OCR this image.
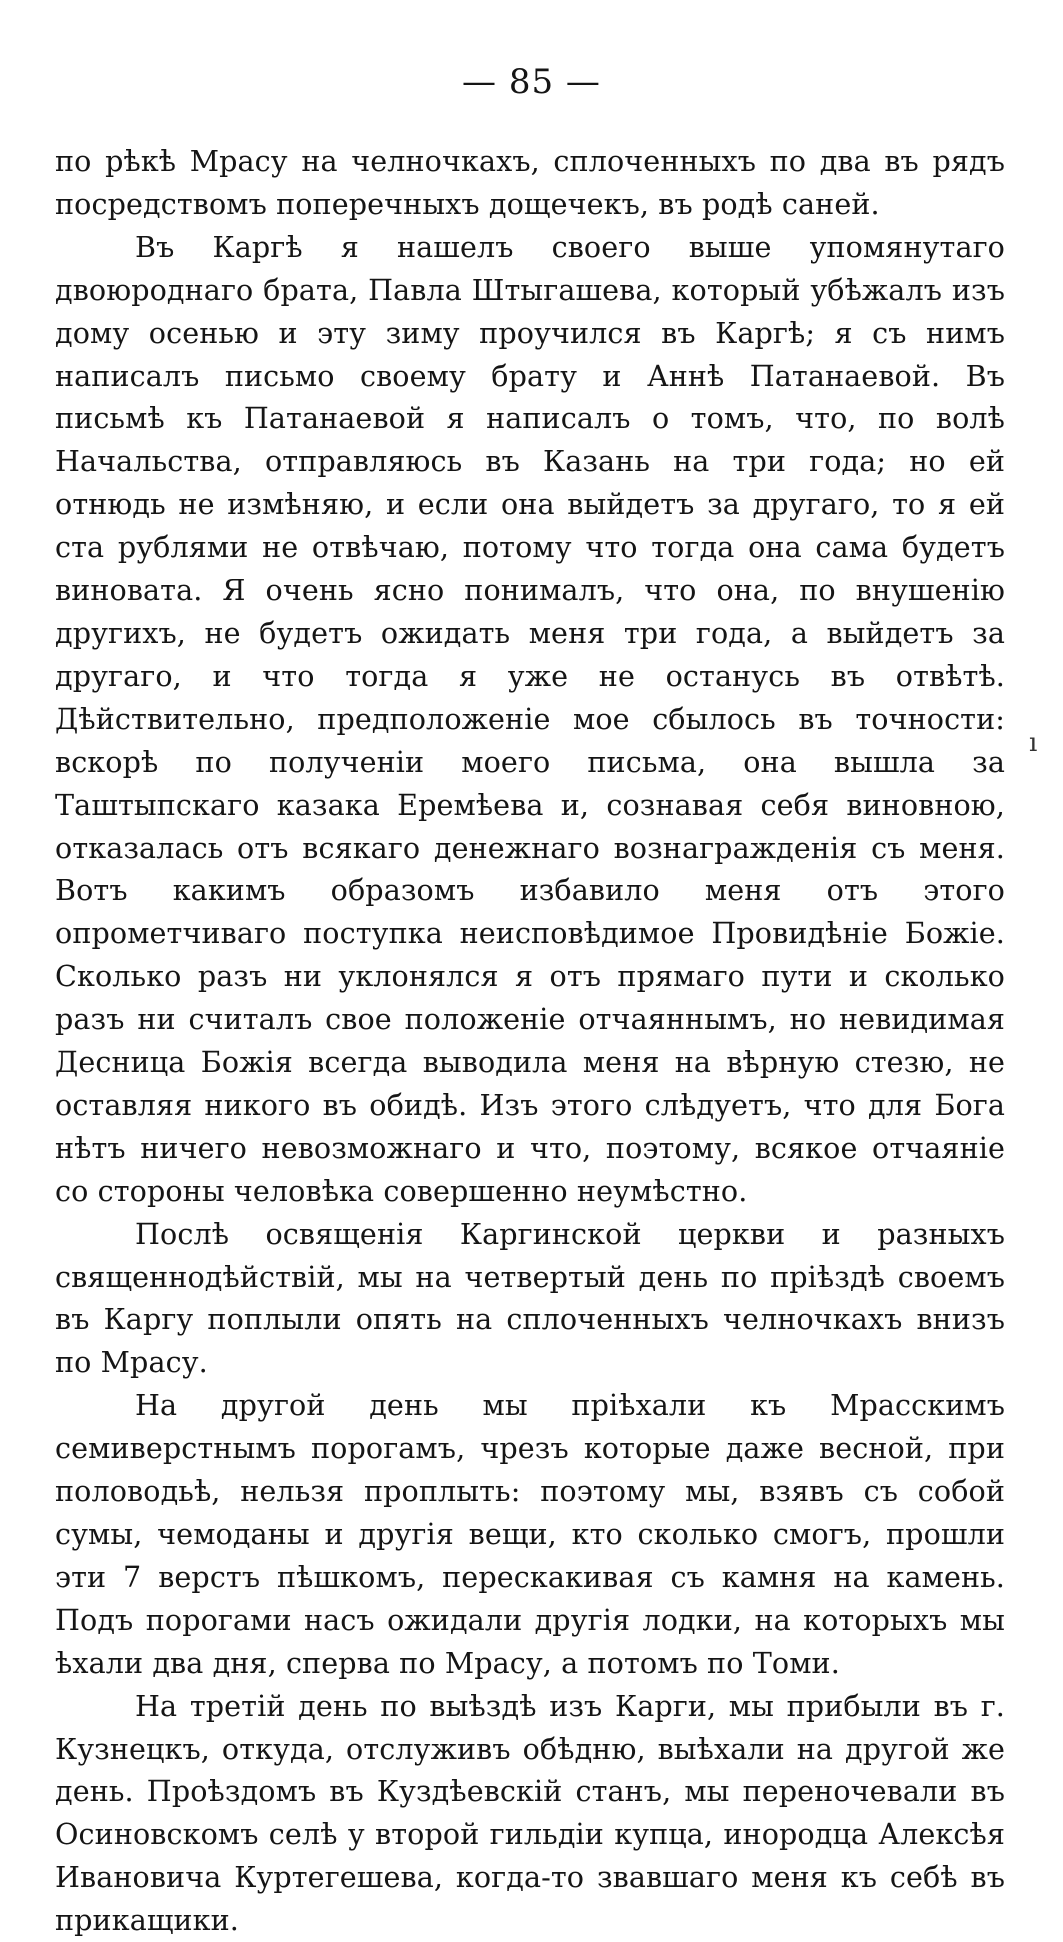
— 85 —

по рѣкѣ Мрасу на челночкахъ, сплоченныхъ по два въ рядъ посредствомъ поперечныхъ дощечекъ, въ родѣ саней.

Въ Каргѣ я нашелъ своего выше упомянутаго двоюроднаго брата, Павла Штыгашева, который убѣжалъ изъ дому осенью и эту зиму проучился въ Каргѣ; я съ нимъ написалъ письмо своему брату и Аннѣ Патанаевой. Въ письмѣ къ Патанаевой я написалъ о томъ, что, по волѣ Начальства, отправляюсь въ Казань на три года; но ей отнюдь не измѣняю, и если она выйдетъ за другаго, то я ей ста рублями не отвѣчаю, потому что тогда она сама будетъ виновата. Я очень ясно понималъ, что она, по внушенію другихъ, не будетъ ожидать меня три года, а выйдетъ за другаго, и что тогда я уже не останусь въ отвѣтѣ. Дѣйствительно, предположеніе мое сбылось въ точности: вскорѣ по полученіи моего письма, она вышла за Таштыпскаго казака Еремѣева и, сознавая себя виновною, отказалась отъ всякаго денежнаго вознагражденія съ меня. Вотъ какимъ образомъ избавило меня отъ этого опрометчиваго поступка неисповѣдимое Провидѣніе Божіе. Сколько разъ ни уклонялся я отъ прямаго пути и сколько разъ ни считалъ свое положеніе отчаяннымъ, но невидимая Десница Божія всегда выводила меня на вѣрную стезю, не оставляя никого въ обидѣ. Изъ этого слѣдуетъ, что для Бога нѣтъ ничего невозможнаго и что, поэтому, всякое отчаяніе со стороны человѣка совершенно неумѣстно.

Послѣ освященія Каргинской церкви и разныхъ священнодѣйствій, мы на четвертый день по пріѣздѣ своемъ въ Каргу поплыли опять на сплоченныхъ челночкахъ внизъ по Мрасу.

На другой день мы пріѣхали къ Мрасскимъ семиверстнымъ порогамъ, чрезъ которые даже весной, при половодьѣ, нельзя проплыть: поэтому мы, взявъ съ собой сумы, чемоданы и другія вещи, кто сколько смогъ, прошли эти 7 верстъ пѣшкомъ, перескакивая съ камня на камень. Подъ порогами насъ ожидали другія лодки, на которыхъ мы ѣхали два дня, сперва по Мрасу, а потомъ по Томи.

На третій день по выѣздѣ изъ Карги, мы прибыли въ г. Кузнецкъ, откуда, отслуживъ обѣдню, выѣхали на другой же день. Проѣздомъ въ Куздѣевскій станъ, мы переночевали въ Осиновскомъ селѣ у второй гильдіи купца, инородца Алексѣя Ивановича Куртегешева, когда-то звавшаго меня къ себѣ въ прикащики.

ı
